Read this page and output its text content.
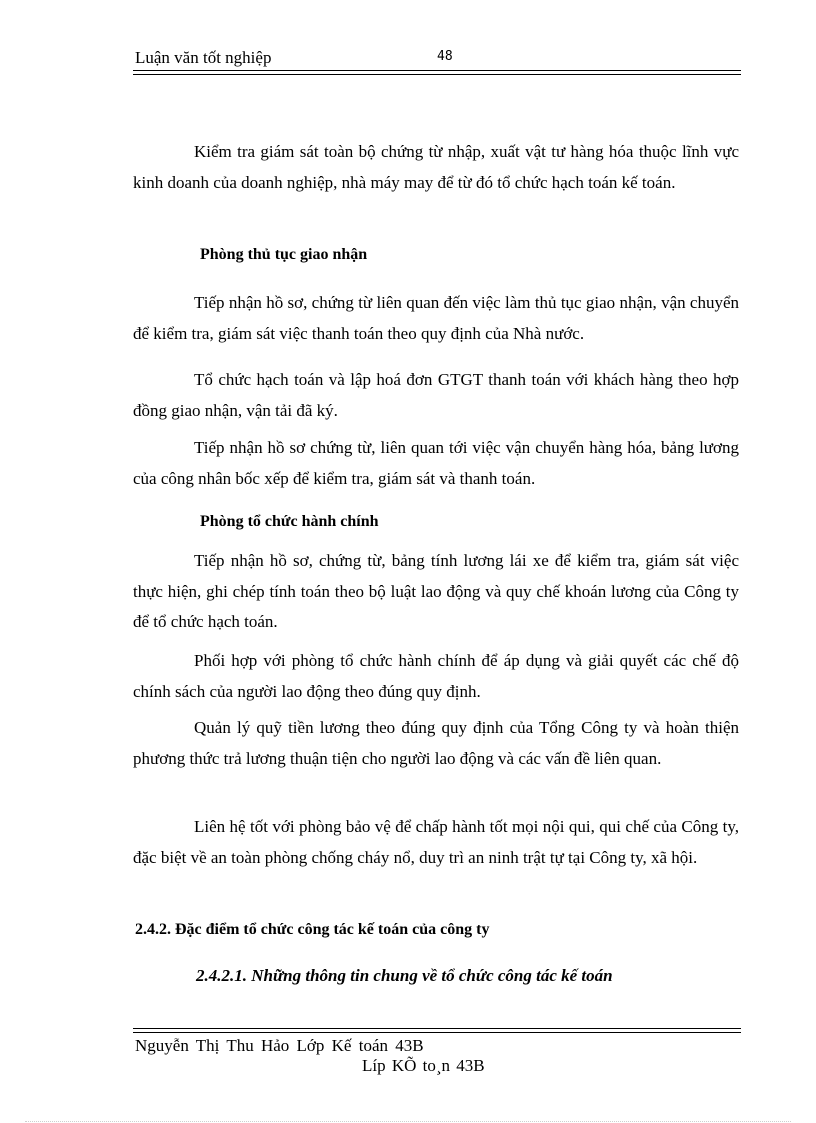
Luận văn tốt nghiệp	48

Kiểm tra giám sát toàn bộ chứng từ nhập, xuất vật tư hàng hóa thuộc lĩnh vực kinh doanh của doanh nghiệp, nhà máy may để từ đó tổ chức hạch toán kế toán.

Phòng thủ tục giao nhận

Tiếp nhận hồ sơ, chứng từ liên quan đến việc làm thủ tục giao nhận, vận chuyển để kiểm tra, giám sát việc thanh toán theo quy định của Nhà nước.

Tổ chức hạch toán và lập hoá đơn GTGT thanh toán với khách hàng theo hợp đồng giao nhận, vận tải đã ký.

Tiếp nhận hồ sơ chứng từ, liên quan tới việc vận chuyển hàng hóa, bảng lương của công nhân bốc xếp để kiểm tra, giám sát và thanh toán.

Phòng tổ chức hành chính

Tiếp nhận hồ sơ, chứng từ, bảng tính lương lái xe để kiểm tra, giám sát việc thực hiện, ghi chép tính toán theo bộ luật lao động và quy chế khoán lương của Công ty để tổ chức hạch toán.

Phối hợp với phòng tổ chức hành chính để áp dụng và giải quyết các chế độ chính sách của người lao động theo đúng quy định.

Quản lý quỹ tiền lương theo đúng quy định của Tổng Công ty và hoàn thiện phương thức trả lương thuận tiện cho người lao động và các vấn đề liên quan.

Liên hệ tốt với phòng bảo vệ để chấp hành tốt mọi nội qui, qui chế của Công ty, đặc biệt về an toàn phòng chống cháy nổ, duy trì an ninh trật tự tại Công ty, xã hội.

2.4.2. Đặc điểm tổ chức công tác kế toán của công ty

2.4.2.1. Những thông tin chung về tổ chức công tác kế toán

Nguyễn Thị Thu Hảo Lớp Kế toán 43B
Líp KÕ to¸n 43B
